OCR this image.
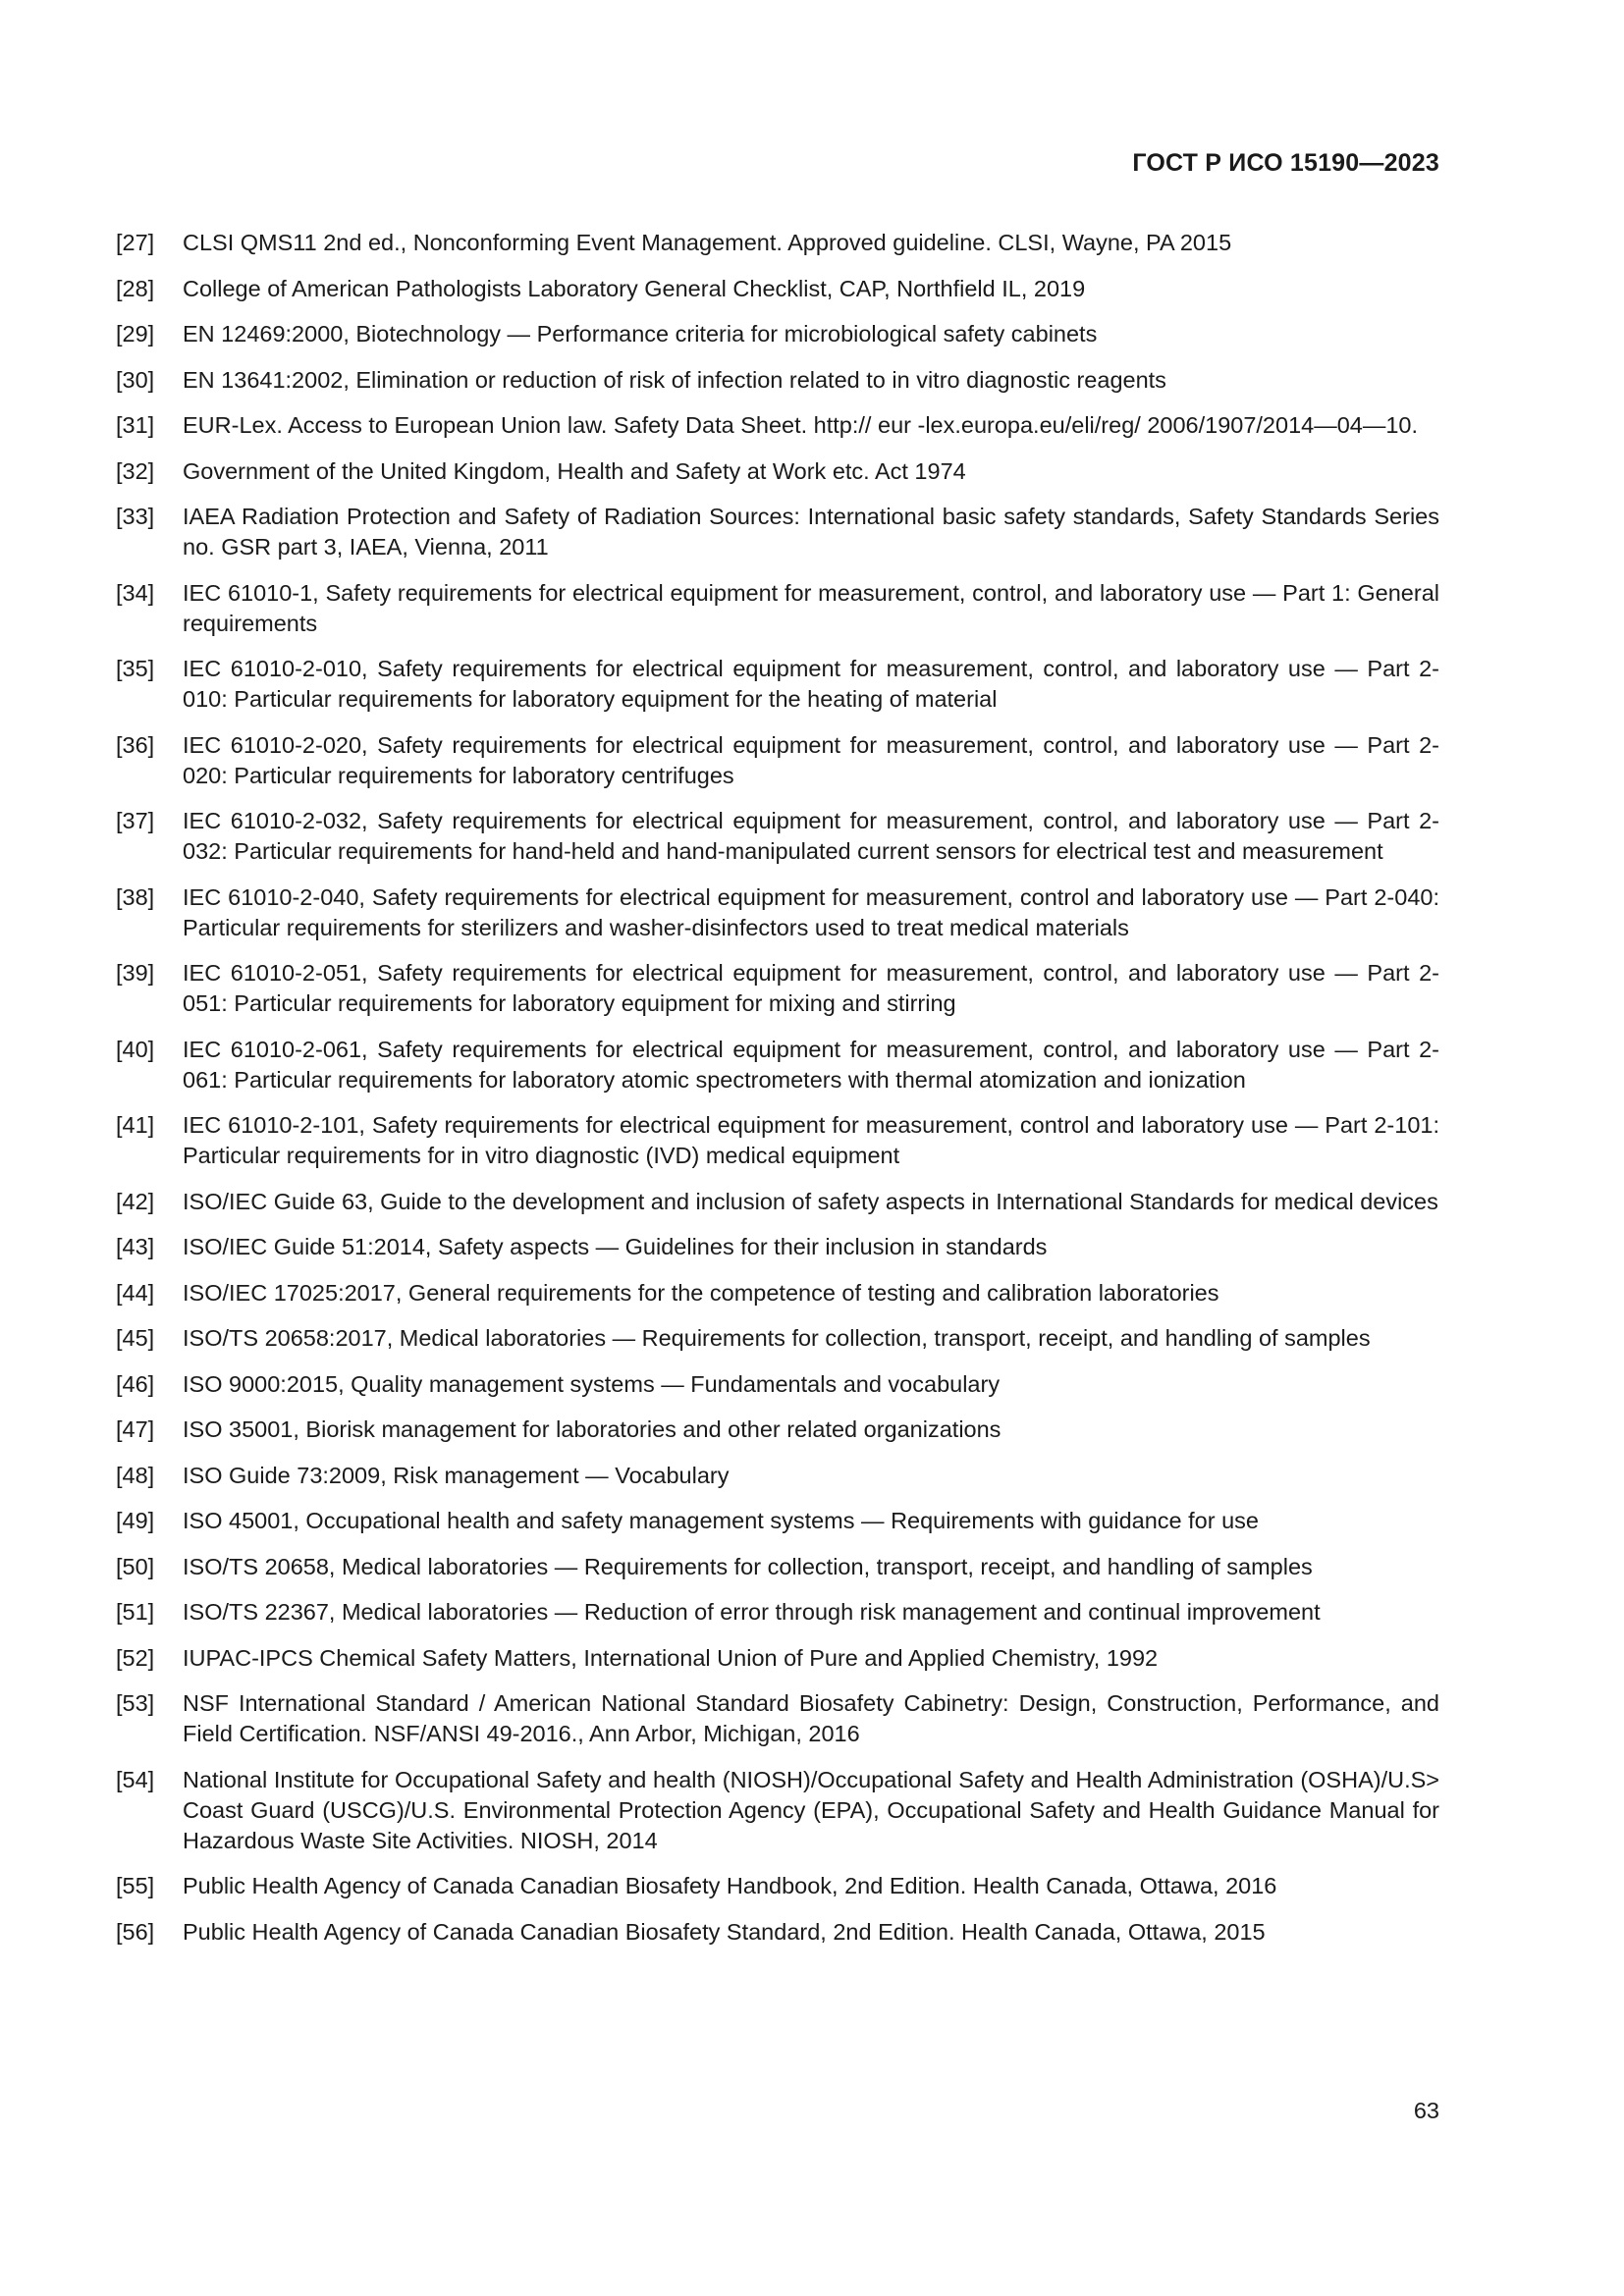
ГОСТ Р ИСО 15190—2023
[27]	CLSI QMS11 2nd ed., Nonconforming Event Management. Approved guideline. CLSI, Wayne, PA 2015
[28]	College of American Pathologists Laboratory General Checklist, CAP, Northfield IL, 2019
[29]	EN 12469:2000, Biotechnology — Performance criteria for microbiological safety cabinets
[30]	EN 13641:2002, Elimination or reduction of risk of infection related to in vitro diagnostic reagents
[31]	EUR-Lex. Access to European Union law. Safety Data Sheet. http:// eur -lex.europa.eu/eli/reg/ 2006/1907/2014—04—10.
[32]	Government of the United Kingdom, Health and Safety at Work etc. Act 1974
[33]	IAEA Radiation Protection and Safety of Radiation Sources: International basic safety standards, Safety Standards Series no. GSR part 3, IAEA, Vienna, 2011
[34]	IEC 61010-1, Safety requirements for electrical equipment for measurement, control, and laboratory use — Part 1: General requirements
[35]	IEC 61010-2-010, Safety requirements for electrical equipment for measurement, control, and laboratory use — Part 2-010: Particular requirements for laboratory equipment for the heating of material
[36]	IEC 61010-2-020, Safety requirements for electrical equipment for measurement, control, and laboratory use — Part 2-020: Particular requirements for laboratory centrifuges
[37]	IEC 61010-2-032, Safety requirements for electrical equipment for measurement, control, and laboratory use — Part 2-032: Particular requirements for hand-held and hand-manipulated current sensors for electrical test and measurement
[38]	IEC 61010-2-040, Safety requirements for electrical equipment for measurement, control and laboratory use — Part 2-040: Particular requirements for sterilizers and washer-disinfectors used to treat medical materials
[39]	IEC 61010-2-051, Safety requirements for electrical equipment for measurement, control, and laboratory use — Part 2-051: Particular requirements for laboratory equipment for mixing and stirring
[40]	IEC 61010-2-061, Safety requirements for electrical equipment for measurement, control, and laboratory use — Part 2-061: Particular requirements for laboratory atomic spectrometers with thermal atomization and ionization
[41]	IEC 61010-2-101, Safety requirements for electrical equipment for measurement, control and laboratory use — Part 2-101: Particular requirements for in vitro diagnostic (IVD) medical equipment
[42]	ISO/IEC Guide 63, Guide to the development and inclusion of safety aspects in International Standards for medical devices
[43]	ISO/IEC Guide 51:2014, Safety aspects — Guidelines for their inclusion in standards
[44]	ISO/IEC 17025:2017, General requirements for the competence of testing and calibration laboratories
[45]	ISO/TS 20658:2017, Medical laboratories — Requirements for collection, transport, receipt, and handling of samples
[46]	ISO 9000:2015, Quality management systems — Fundamentals and vocabulary
[47]	ISO 35001, Biorisk management for laboratories and other related organizations
[48]	ISO Guide 73:2009, Risk management — Vocabulary
[49]	ISO 45001, Occupational health and safety management systems — Requirements with guidance for use
[50]	ISO/TS 20658, Medical laboratories — Requirements for collection, transport, receipt, and handling of samples
[51]	ISO/TS 22367, Medical laboratories — Reduction of error through risk management and continual improvement
[52]	IUPAC-IPCS Chemical Safety Matters, International Union of Pure and Applied Chemistry, 1992
[53]	NSF International Standard / American National Standard Biosafety Cabinetry: Design, Construction, Performance, and Field Certification. NSF/ANSI 49-2016., Ann Arbor, Michigan, 2016
[54]	National Institute for Occupational Safety and health (NIOSH)/Occupational Safety and Health Administration (OSHA)/U.S> Coast Guard (USCG)/U.S. Environmental Protection Agency (EPA), Occupational Safety and Health Guidance Manual for Hazardous Waste Site Activities. NIOSH, 2014
[55]	Public Health Agency of Canada Canadian Biosafety Handbook, 2nd Edition. Health Canada, Ottawa, 2016
[56]	Public Health Agency of Canada Canadian Biosafety Standard, 2nd Edition. Health Canada, Ottawa, 2015
63
